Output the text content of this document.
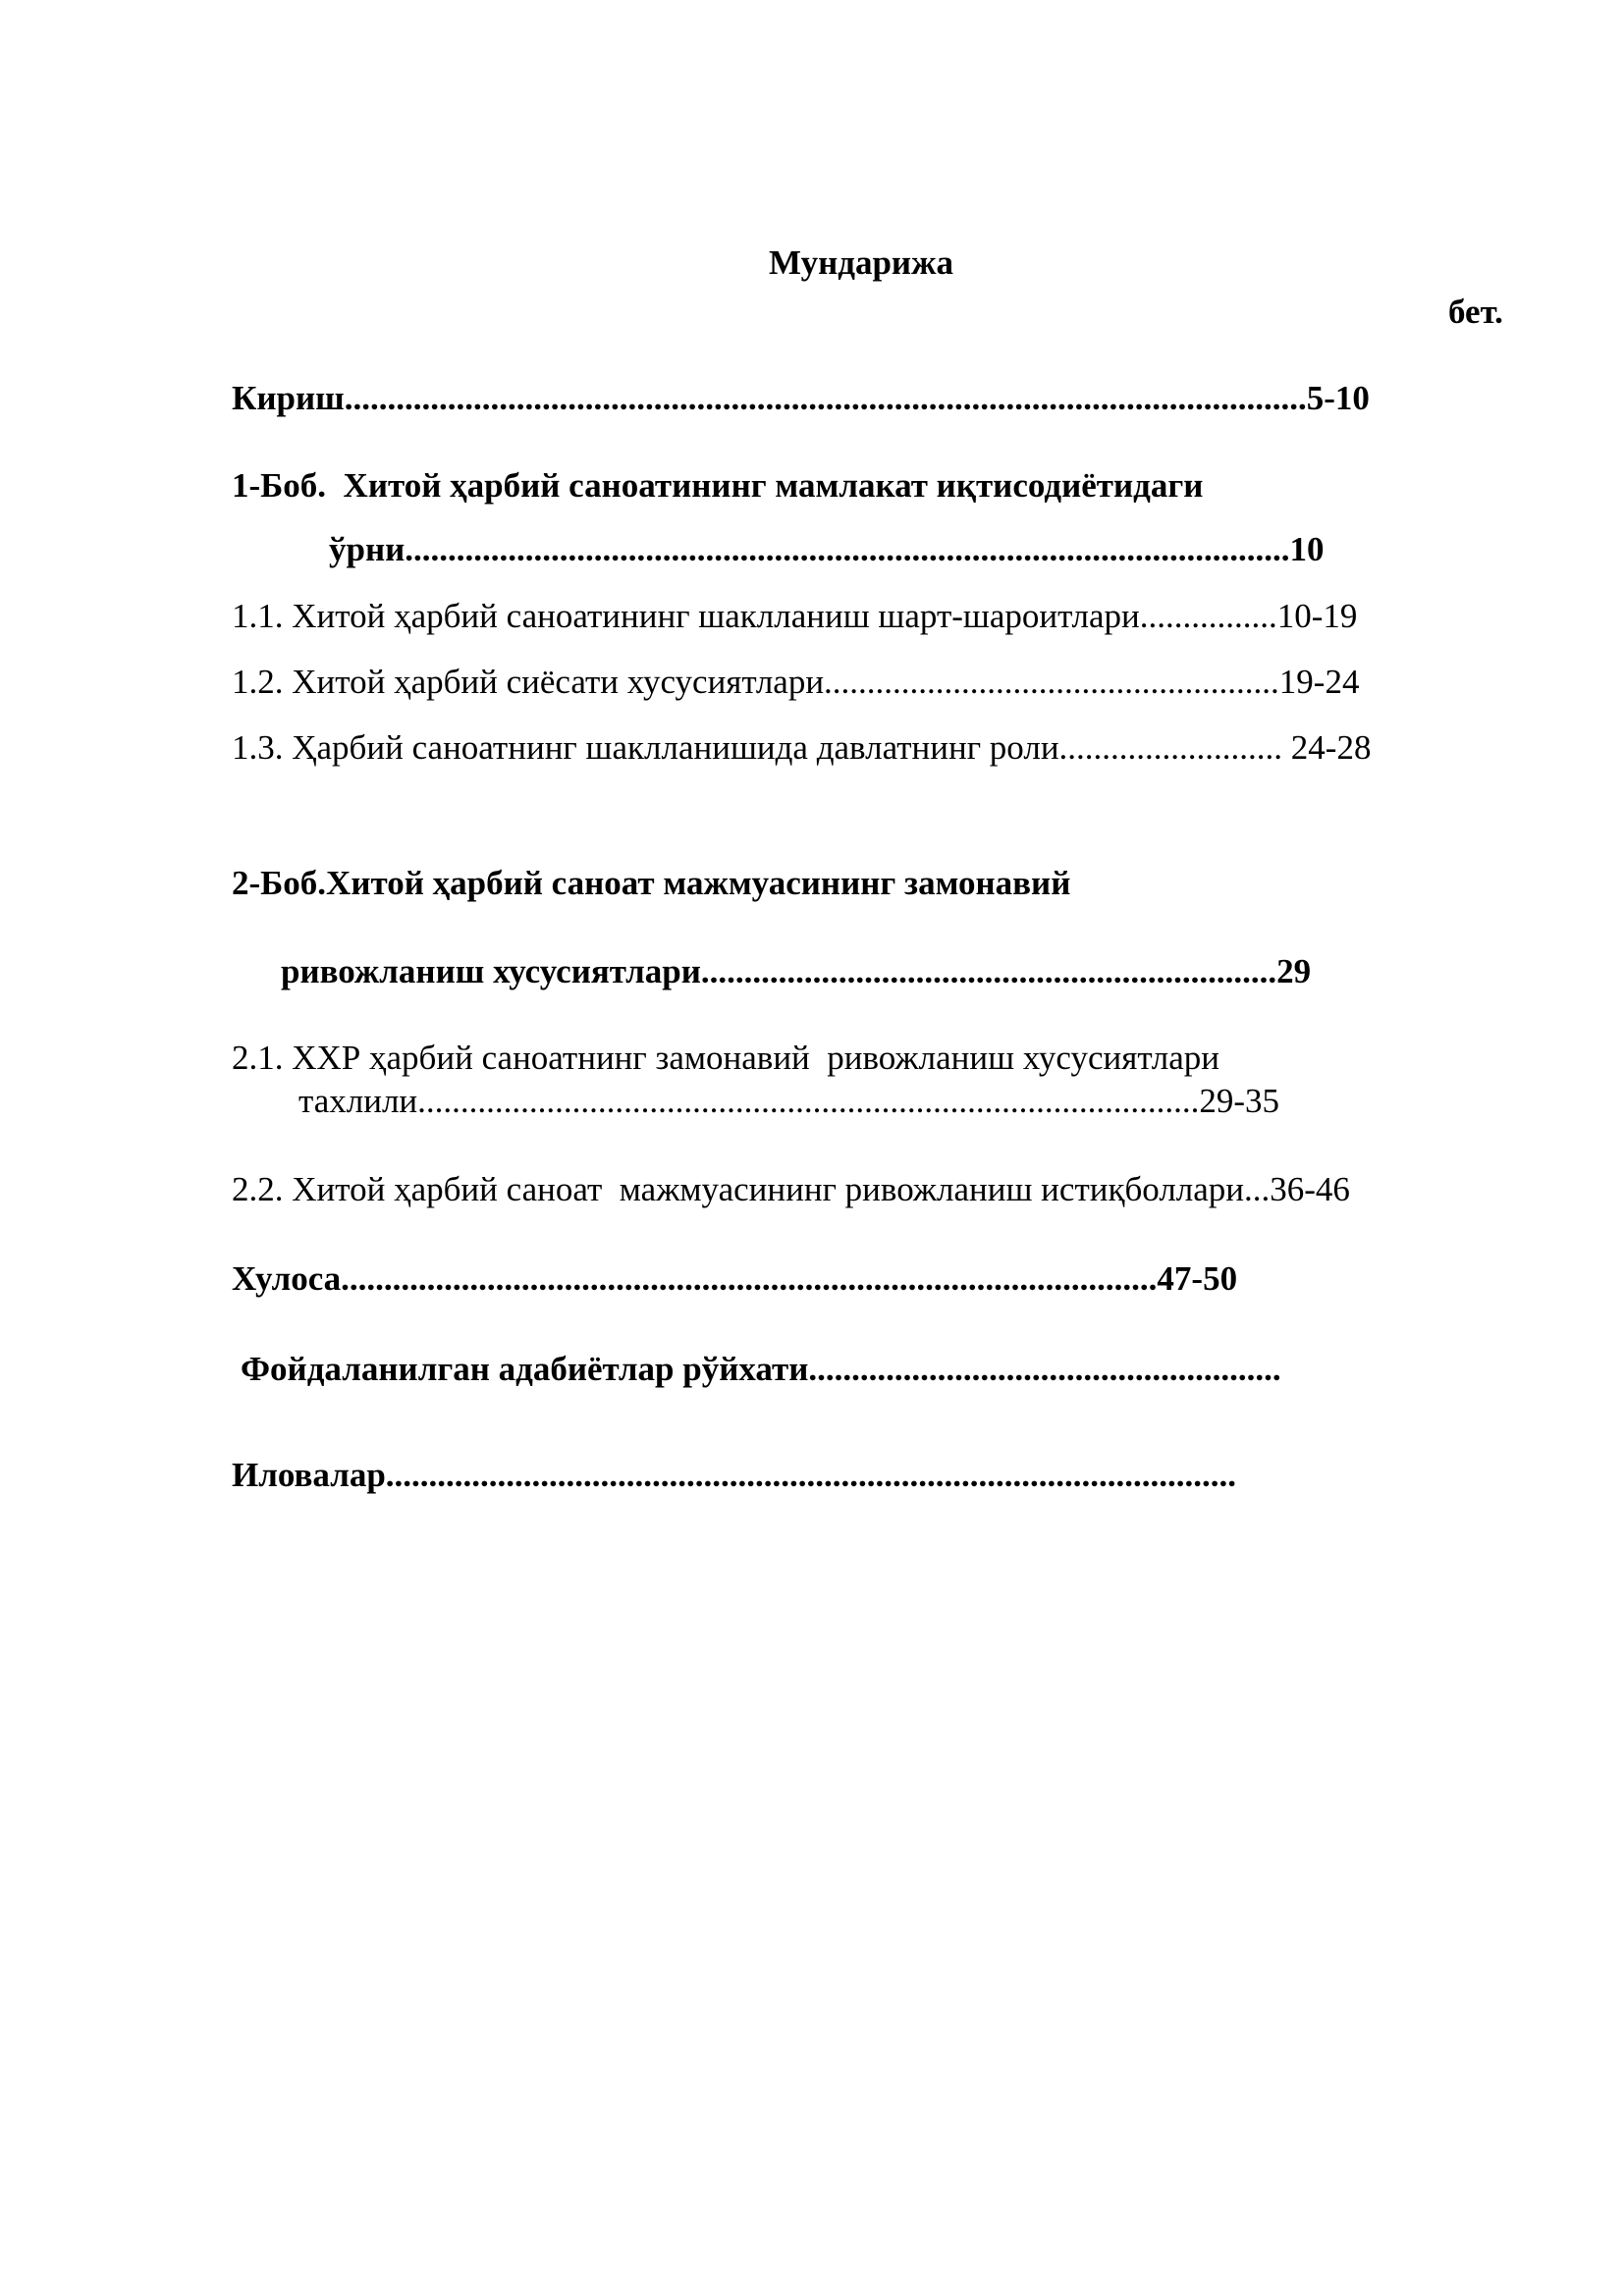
Мундарижа

бет.

Кириш................................................................................................................5-10

1-Боб.  Хитой ҳарбий саноатининг мамлакат иқтисодиётидаги

ўрни.......................................................................................................10

1.1. Хитой ҳарбий саноатининг шаклланиш шарт-шароитлари................10-19

1.2. Хитой ҳарбий сиёсати хусусиятлари.....................................................19-24

1.3. Ҳарбий саноатнинг шаклланишида давлатнинг роли.......................... 24-28

2-Боб.Хитой ҳарбий саноат мажмуасининг замонавий

ривожланиш хусусиятлари...................................................................29

2.1. ХХР ҳарбий саноатнинг замонавий  ривожланиш хусусиятлари

тахлили...........................................................................................29-35

2.2. Хитой ҳарбий саноат  мажмуасининг ривожланиш истиқболлари...36-46

Хулоса...............................................................................................47-50

Фойдаланилган адабиётлар рўйхати.......................................................

Иловалар...................................................................................................
